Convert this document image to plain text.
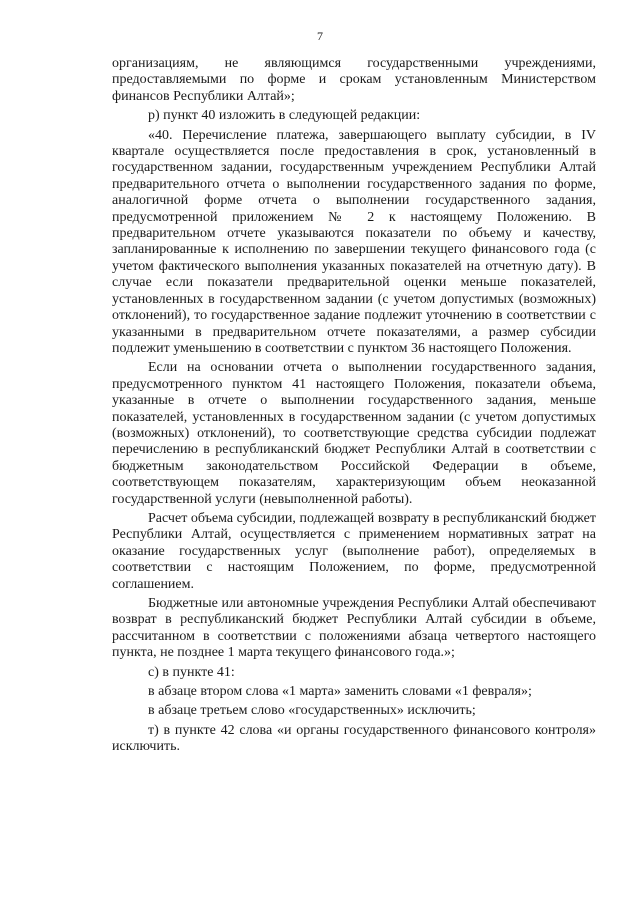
7

организациям, не являющимся государственными учреждениями, предоставляемыми по форме и срокам установленным Министерством финансов Республики Алтай»;

р) пункт 40 изложить в следующей редакции:

«40. Перечисление платежа, завершающего выплату субсидии, в IV квартале осуществляется после предоставления в срок, установленный в государственном задании, государственным учреждением Республики Алтай предварительного отчета о выполнении государственного задания по форме, аналогичной форме отчета о выполнении государственного задания, предусмотренной приложением № 2 к настоящему Положению. В предварительном отчете указываются показатели по объему и качеству, запланированные к исполнению по завершении текущего финансового года (с учетом фактического выполнения указанных показателей на отчетную дату). В случае если показатели предварительной оценки меньше показателей, установленных в государственном задании (с учетом допустимых (возможных) отклонений), то государственное задание подлежит уточнению в соответствии с указанными в предварительном отчете показателями, а размер субсидии подлежит уменьшению в соответствии с пунктом 36 настоящего Положения.

Если на основании отчета о выполнении государственного задания, предусмотренного пунктом 41 настоящего Положения, показатели объема, указанные в отчете о выполнении государственного задания, меньше показателей, установленных в государственном задании (с учетом допустимых (возможных) отклонений), то соответствующие средства субсидии подлежат перечислению в республиканский бюджет Республики Алтай в соответствии с бюджетным законодательством Российской Федерации в объеме, соответствующем показателям, характеризующим объем неоказанной государственной услуги (невыполненной работы).

Расчет объема субсидии, подлежащей возврату в республиканский бюджет Республики Алтай, осуществляется с применением нормативных затрат на оказание государственных услуг (выполнение работ), определяемых в соответствии с настоящим Положением, по форме, предусмотренной соглашением.

Бюджетные или автономные учреждения Республики Алтай обеспечивают возврат в республиканский бюджет Республики Алтай субсидии в объеме, рассчитанном в соответствии с положениями абзаца четвертого настоящего пункта, не позднее 1 марта текущего финансового года.»;

с) в пункте 41:

в абзаце втором слова «1 марта» заменить словами «1 февраля»;

в абзаце третьем слово «государственных» исключить;

т) в пункте 42 слова «и органы государственного финансового контроля» исключить.
